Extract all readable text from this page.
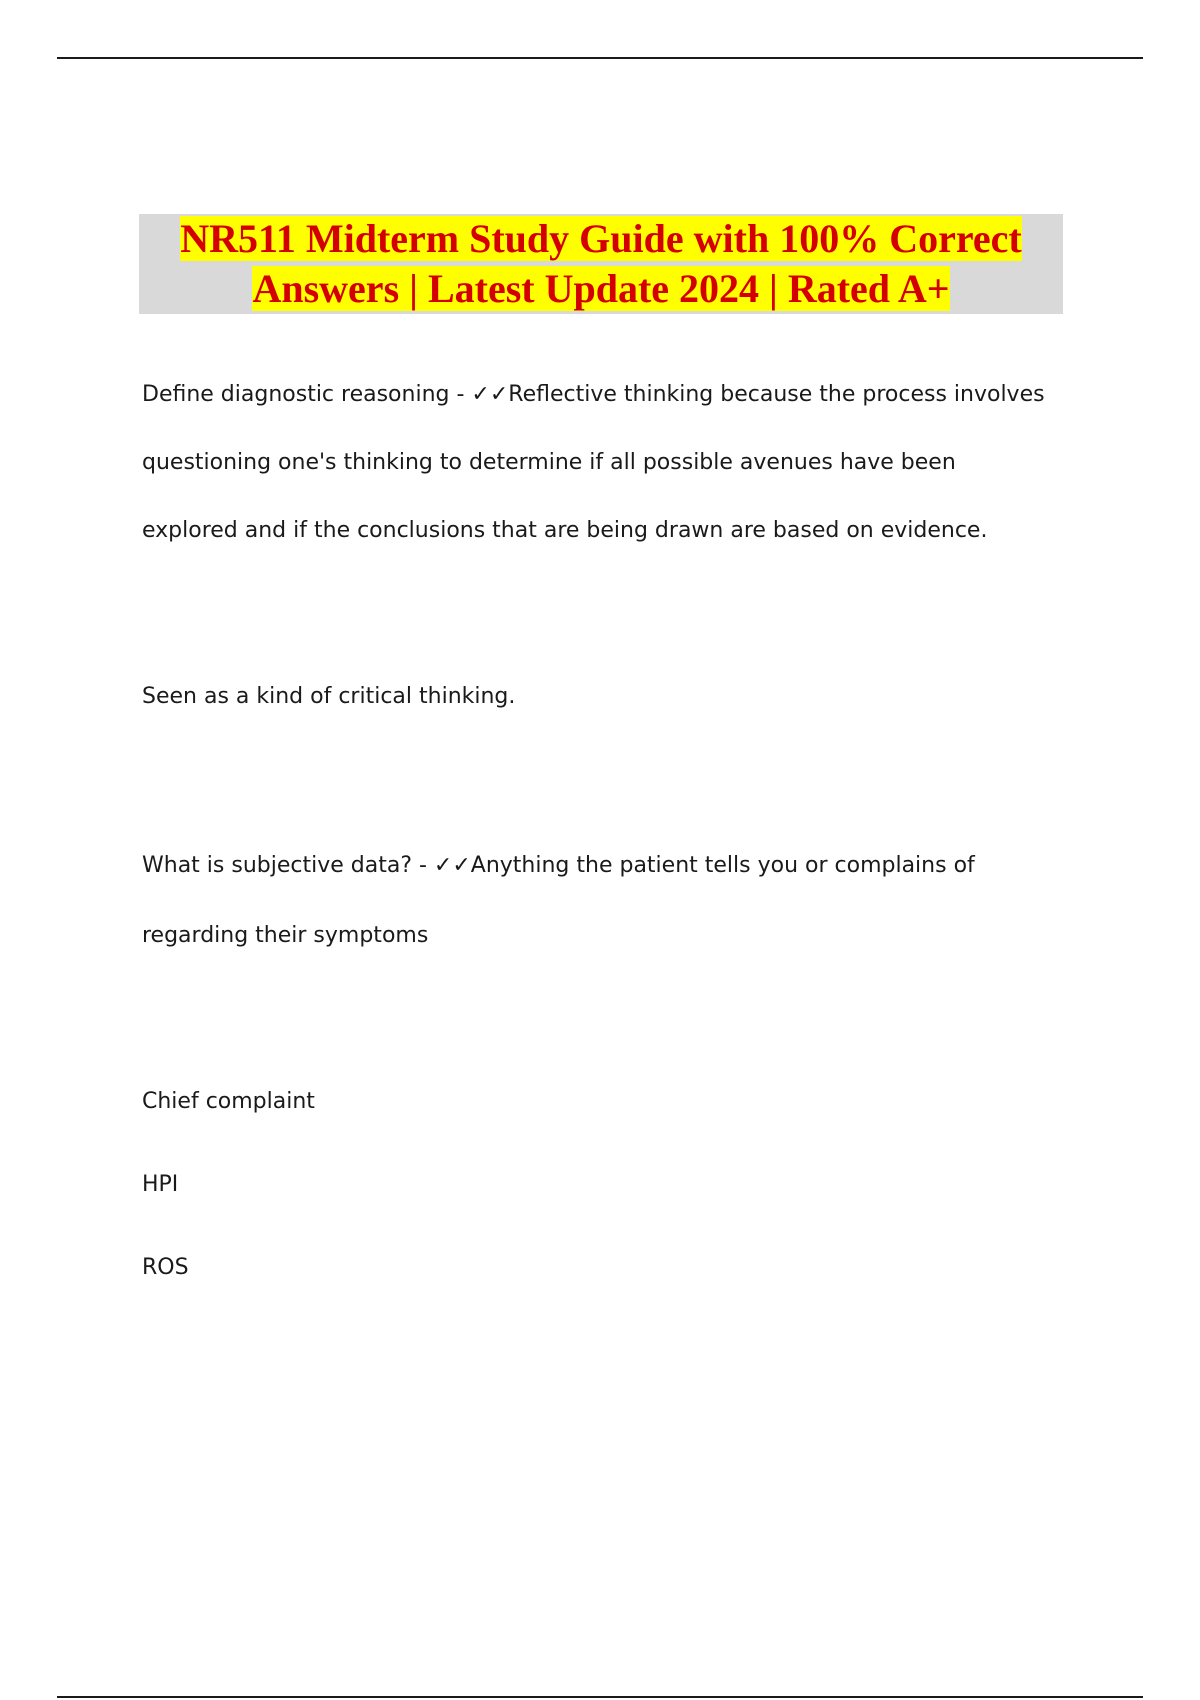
NR511 Midterm Study Guide with 100% Correct
Answers | Latest Update 2024 | Rated A+

Define diagnostic reasoning - ✓✓Reflective thinking because the process involves

questioning one's thinking to determine if all possible avenues have been

explored and if the conclusions that are being drawn are based on evidence.

Seen as a kind of critical thinking.

What is subjective data? - ✓✓Anything the patient tells you or complains of

regarding their symptoms

Chief complaint

HPI

ROS
